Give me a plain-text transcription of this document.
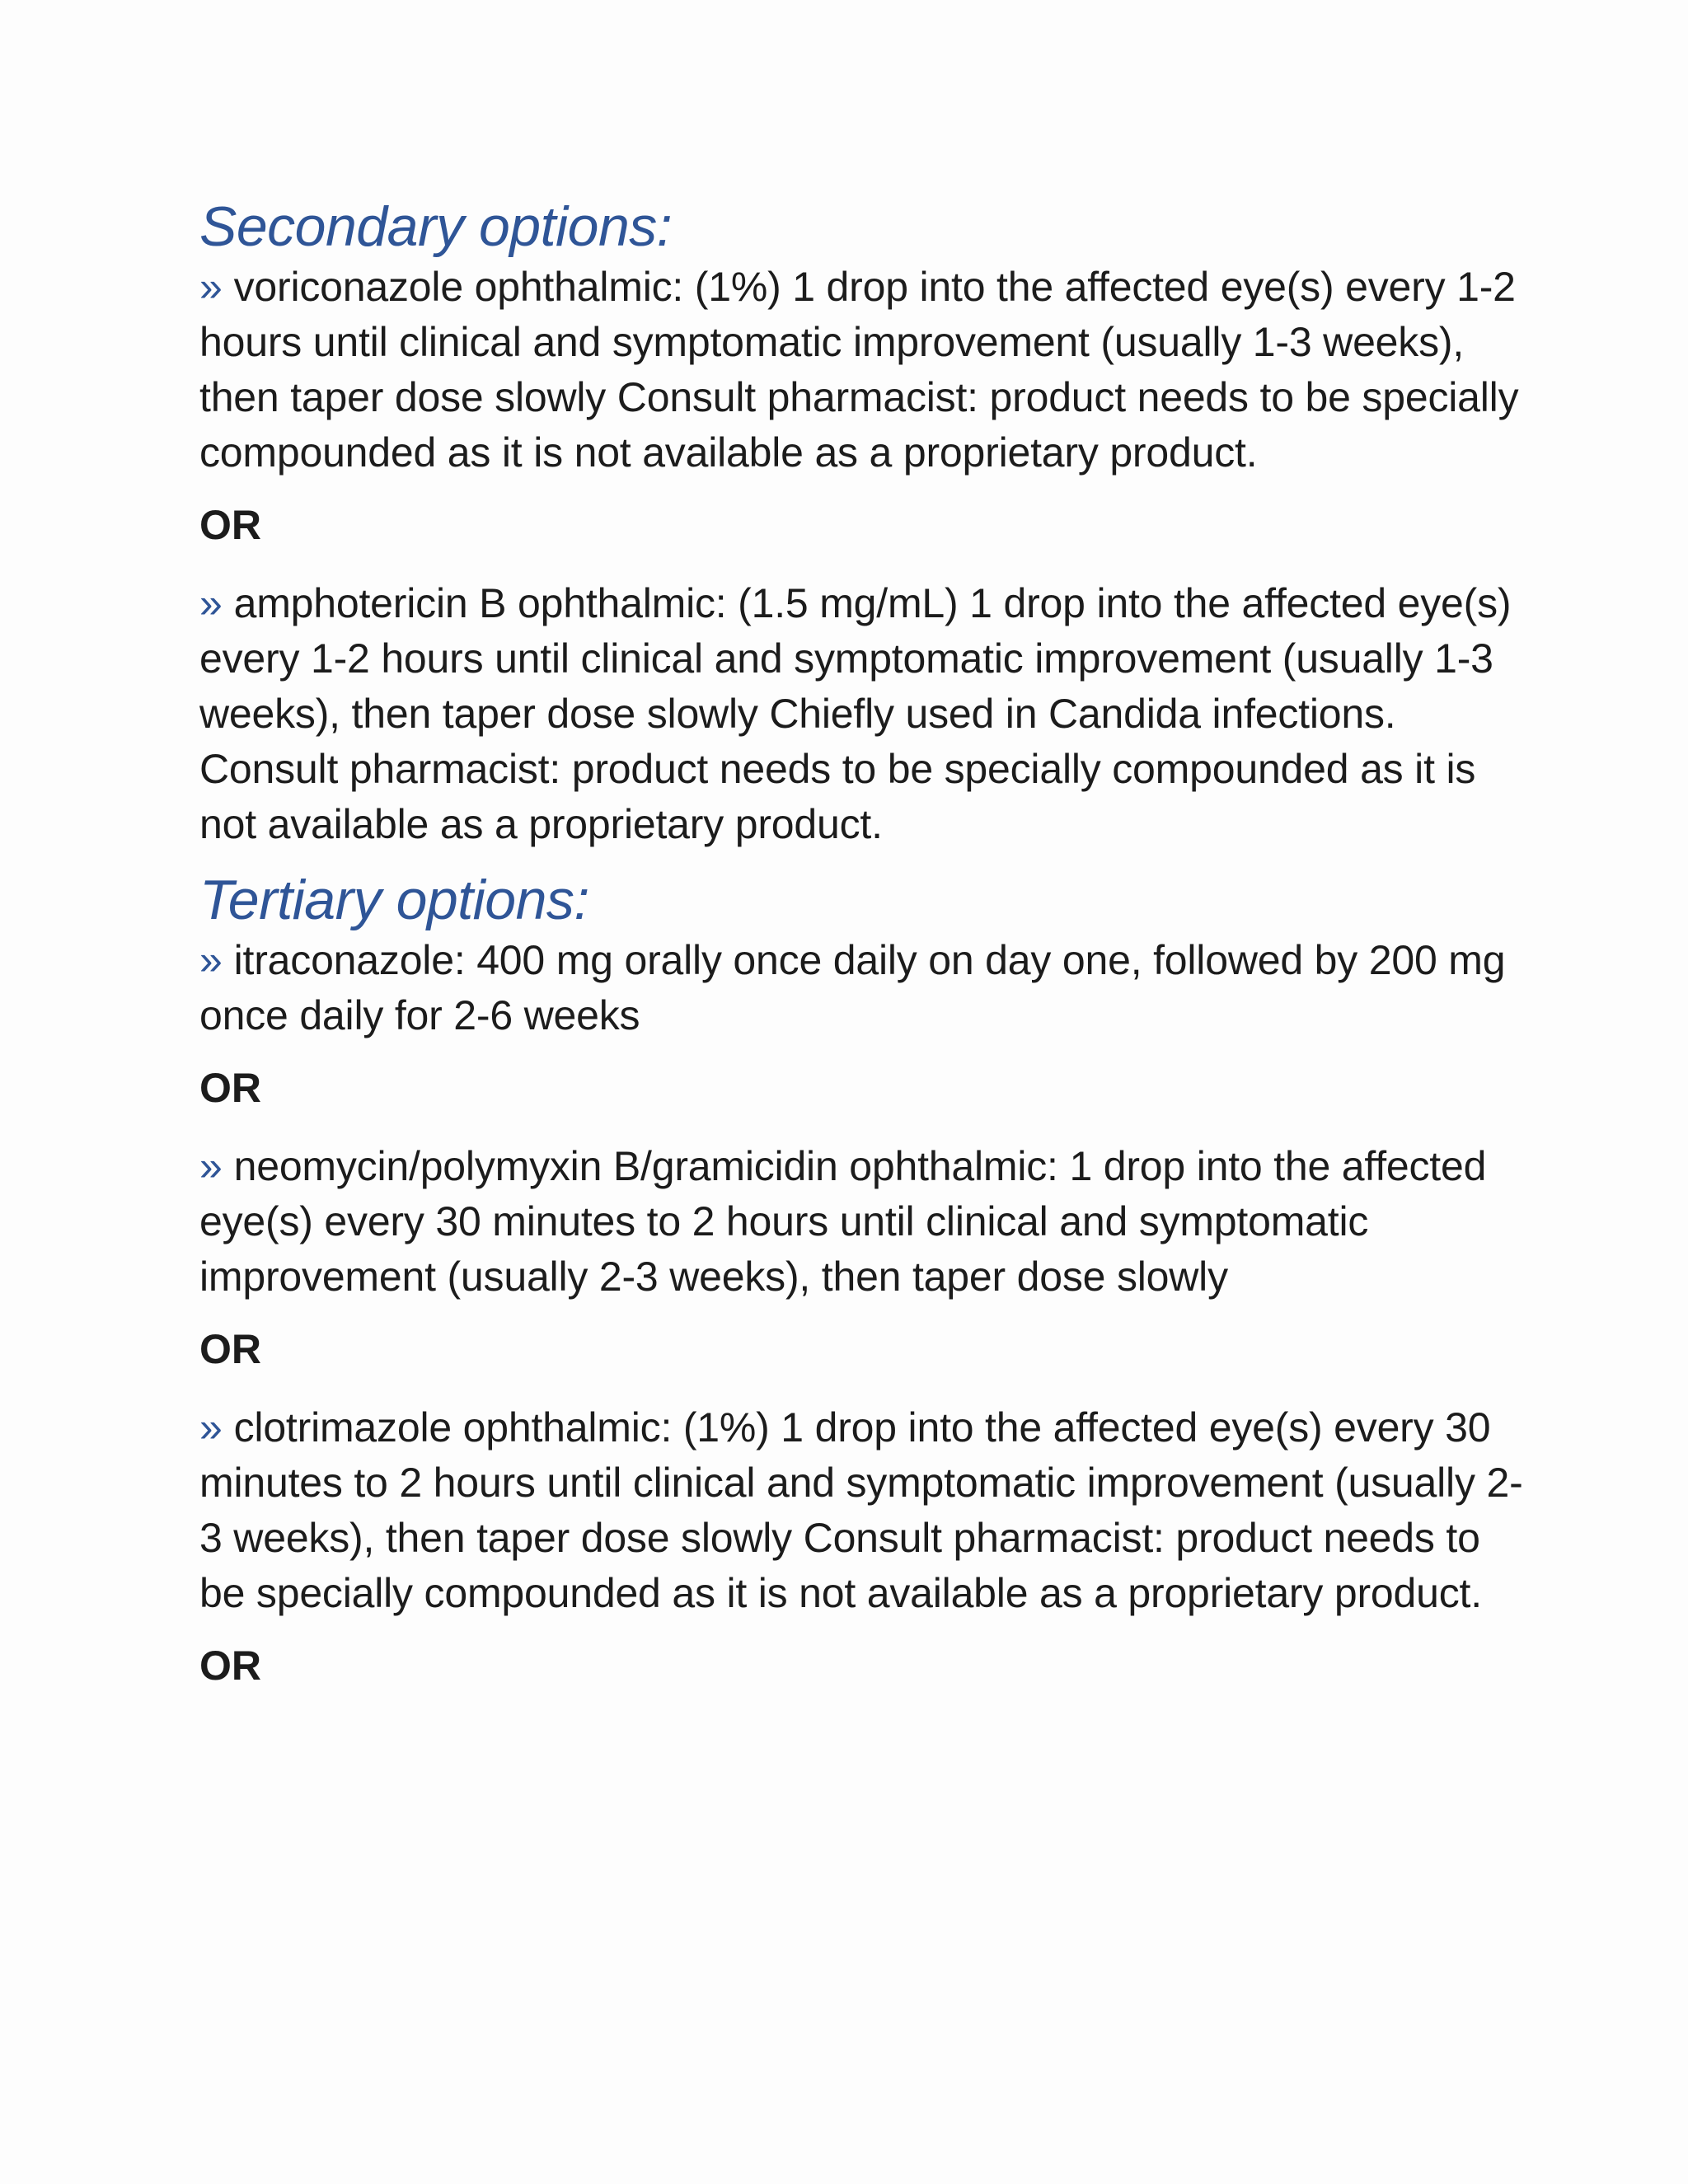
Secondary options:

» voriconazole ophthalmic: (1%) 1 drop into the affected eye(s) every 1-2 hours until clinical and symptomatic improvement (usually 1-3 weeks), then taper dose slowly Consult pharmacist: product needs to be specially compounded as it is not available as a proprietary product.

OR

» amphotericin B ophthalmic: (1.5 mg/mL) 1 drop into the affected eye(s) every 1-2 hours until clinical and symptomatic improvement (usually 1-3 weeks), then taper dose slowly Chiefly used in Candida infections. Consult pharmacist: product needs to be specially compounded as it is not available as a proprietary product.

Tertiary options:

» itraconazole: 400 mg orally once daily on day one, followed by 200 mg once daily for 2-6 weeks

OR

» neomycin/polymyxin B/gramicidin ophthalmic: 1 drop into the affected eye(s) every 30 minutes to 2 hours until clinical and symptomatic improvement (usually 2-3 weeks), then taper dose slowly

OR

» clotrimazole ophthalmic: (1%) 1 drop into the affected eye(s) every 30 minutes to 2 hours until clinical and symptomatic improvement (usually 2-3 weeks), then taper dose slowly Consult pharmacist: product needs to be specially compounded as it is not available as a proprietary product.

OR
